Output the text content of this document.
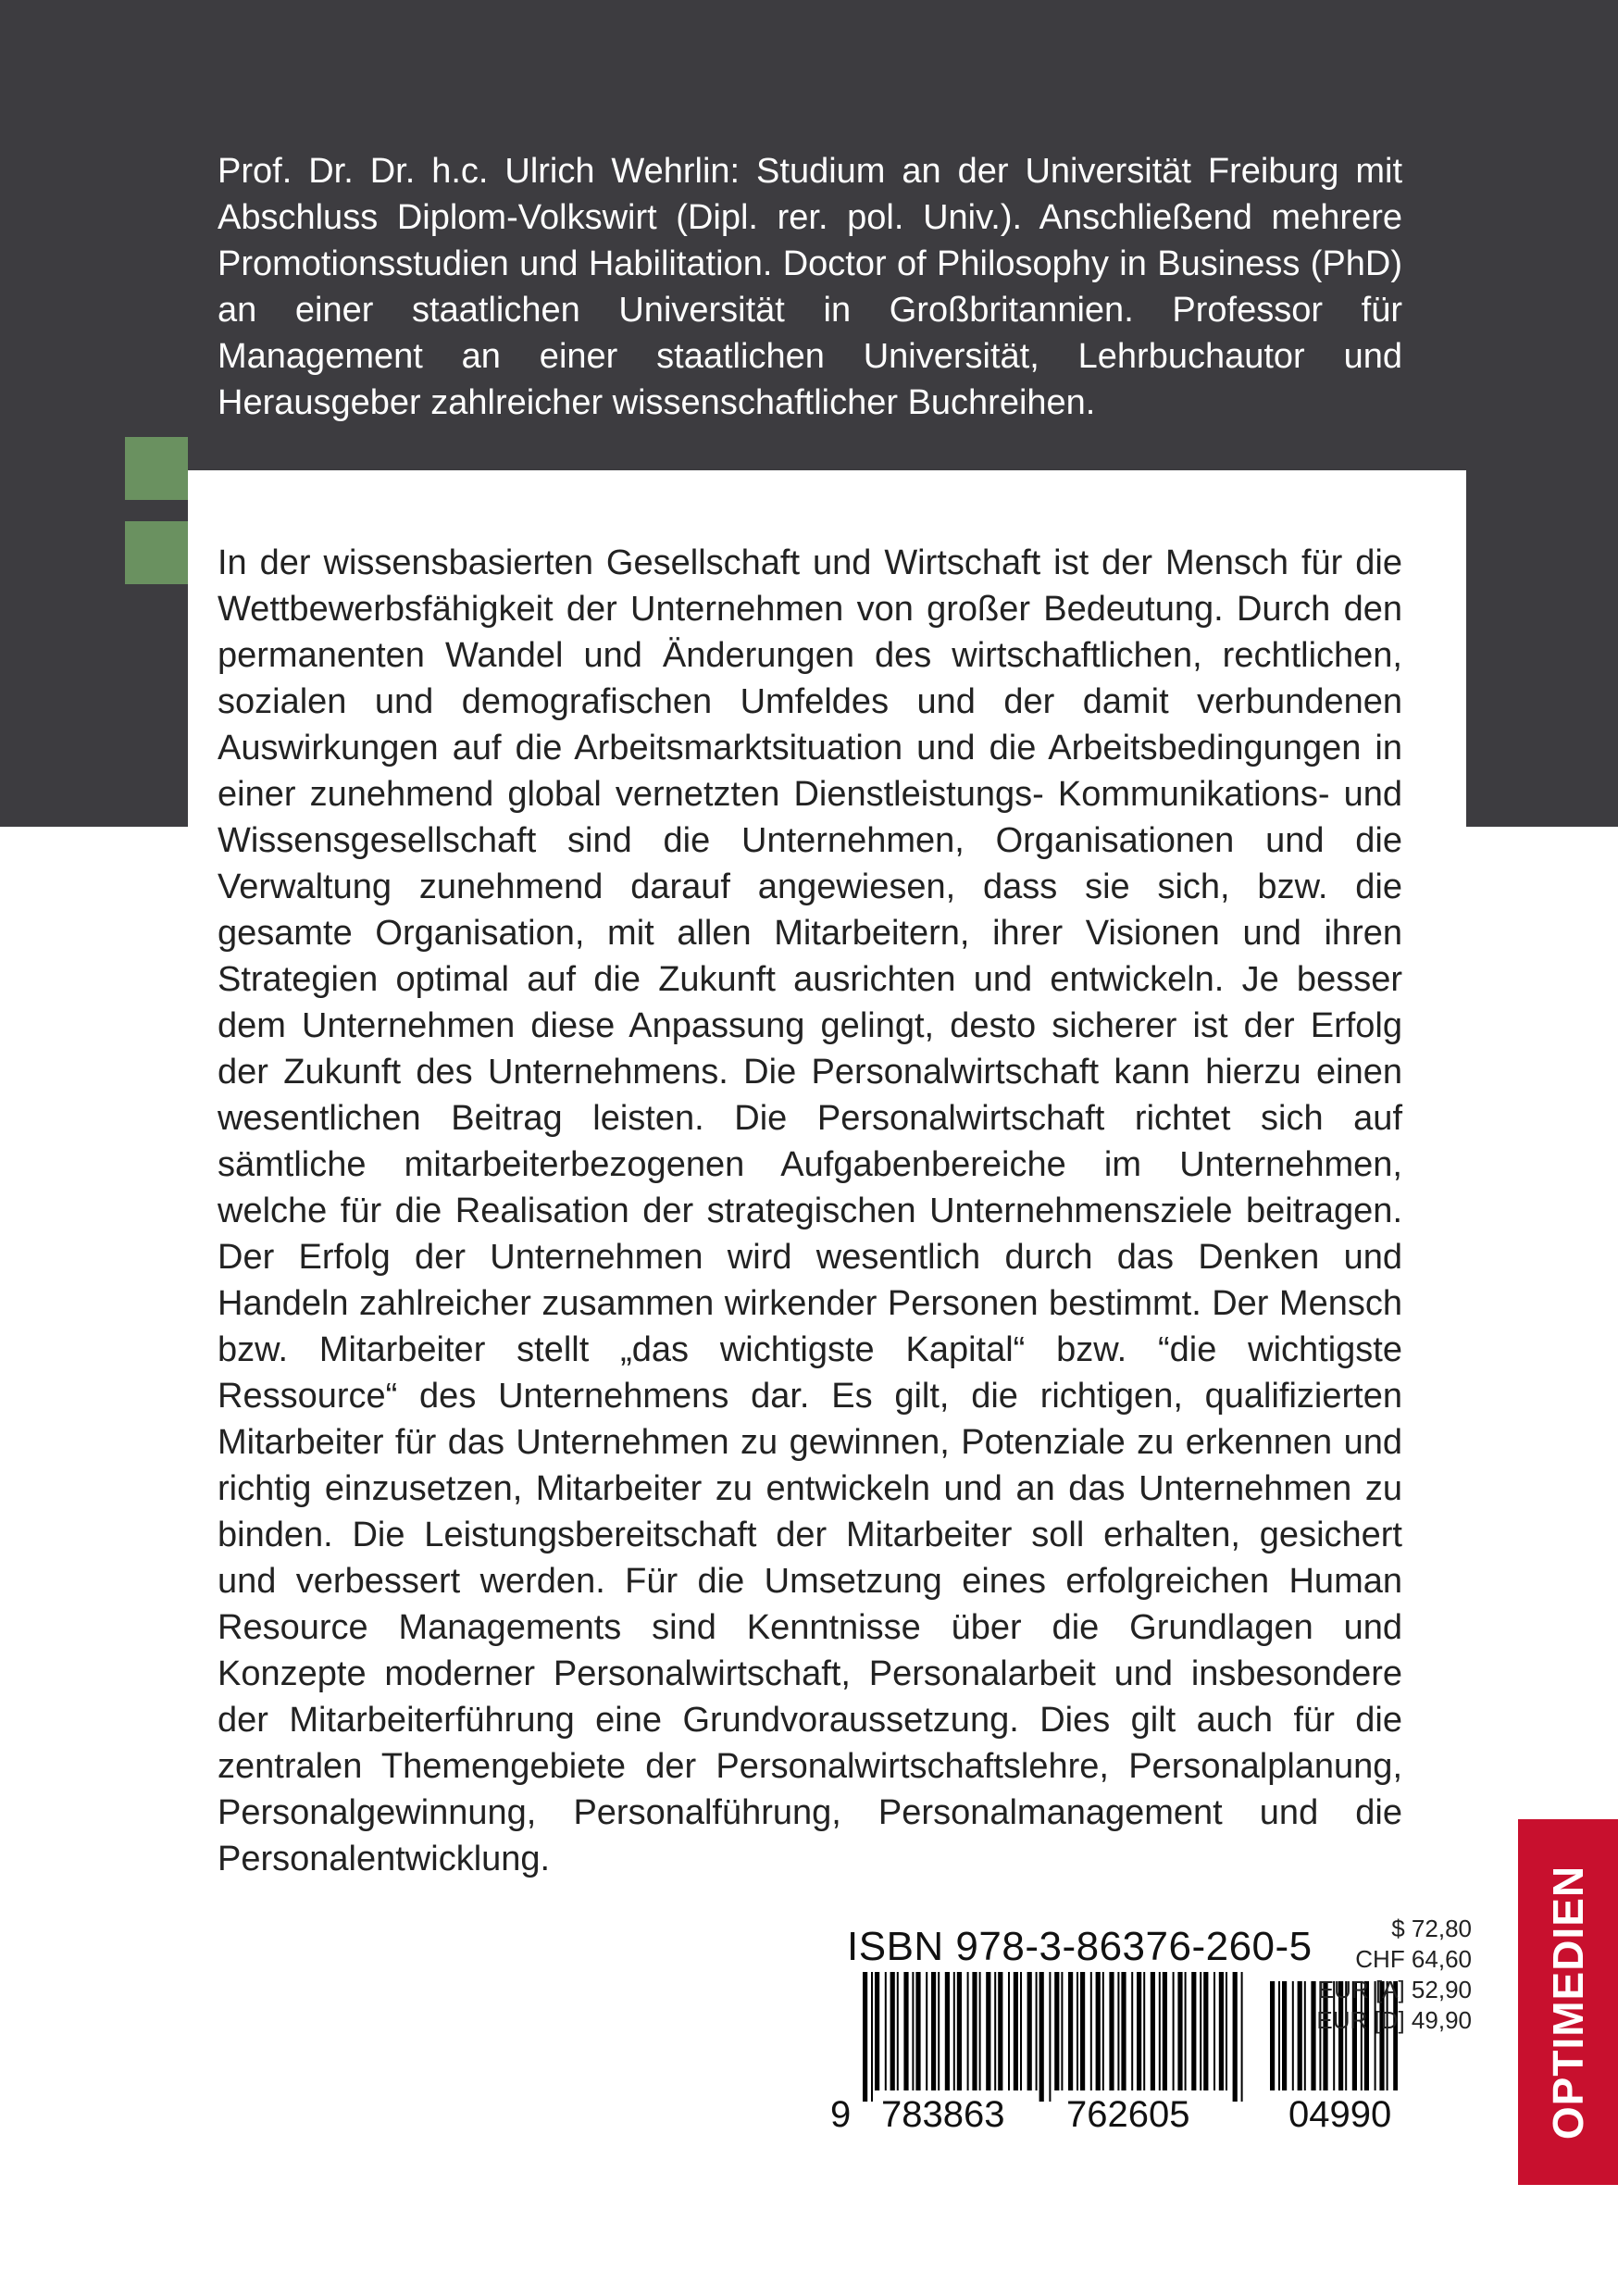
Prof. Dr. Dr. h.c. Ulrich Wehrlin: Studium an der Universität Freiburg mit Abschluss Diplom-Volkswirt (Dipl. rer. pol. Univ.). Anschließend mehrere Promotionsstudien und Habilitation. Doctor of Philosophy in Business (PhD) an einer staatlichen Universität in Großbritannien. Professor für Management an einer staatlichen Universität, Lehrbuchautor und Herausgeber zahlreicher wissenschaftlicher Buchreihen.

In der wissensbasierten Gesellschaft und Wirtschaft ist der Mensch für die Wettbewerbsfähigkeit der Unternehmen von großer Bedeutung. Durch den permanenten Wandel und Änderungen des wirtschaftlichen, rechtlichen, sozialen und demografischen Umfeldes und der damit verbundenen Auswirkungen auf die Arbeitsmarktsituation und die Arbeitsbedingungen in einer zunehmend global vernetzten Dienstleistungs- Kommunikations- und Wissensgesellschaft sind die Unternehmen, Organisationen und die Verwaltung zunehmend darauf angewiesen, dass sie sich, bzw. die gesamte Organisation, mit allen Mitarbeitern, ihrer Visionen und ihren Strategien optimal auf die Zukunft ausrichten und entwickeln. Je besser dem Unternehmen diese Anpassung gelingt, desto sicherer ist der Erfolg der Zukunft des Unternehmens. Die Personalwirtschaft kann hierzu einen wesentlichen Beitrag leisten. Die Personalwirtschaft richtet sich auf sämtliche mitarbeiterbezogenen Aufgabenbereiche im Unternehmen, welche für die Realisation der strategischen Unternehmensziele beitragen. Der Erfolg der Unternehmen wird wesentlich durch das Denken und Handeln zahlreicher zusammen wirkender Personen bestimmt. Der Mensch bzw. Mitarbeiter stellt „das wichtigste Kapital“ bzw. “die wichtigste Ressource“ des Unternehmens dar. Es gilt, die richtigen, qualifizierten Mitarbeiter für das Unternehmen zu gewinnen, Potenziale zu erkennen und richtig einzusetzen, Mitarbeiter zu entwickeln und an das Unternehmen zu binden. Die Leistungsbereitschaft der Mitarbeiter soll erhalten, gesichert und verbessert werden. Für die Umsetzung eines erfolgreichen Human Resource Managements sind Kenntnisse über die Grundlagen und Konzepte moderner Personalwirtschaft, Personalarbeit und insbesondere der Mitarbeiterführung eine Grundvoraussetzung. Dies gilt auch für die zentralen Themengebiete der Personalwirtschaftslehre, Personalplanung, Personalgewinnung, Personalführung, Personalmanagement und die Personalentwicklung.

ISBN 978-3-86376-260-5
9 783863 762605	04990
$ 72,80
CHF 64,60
EUR [A] 52,90
EUR [D] 49,90 OPTIMEDIEN
